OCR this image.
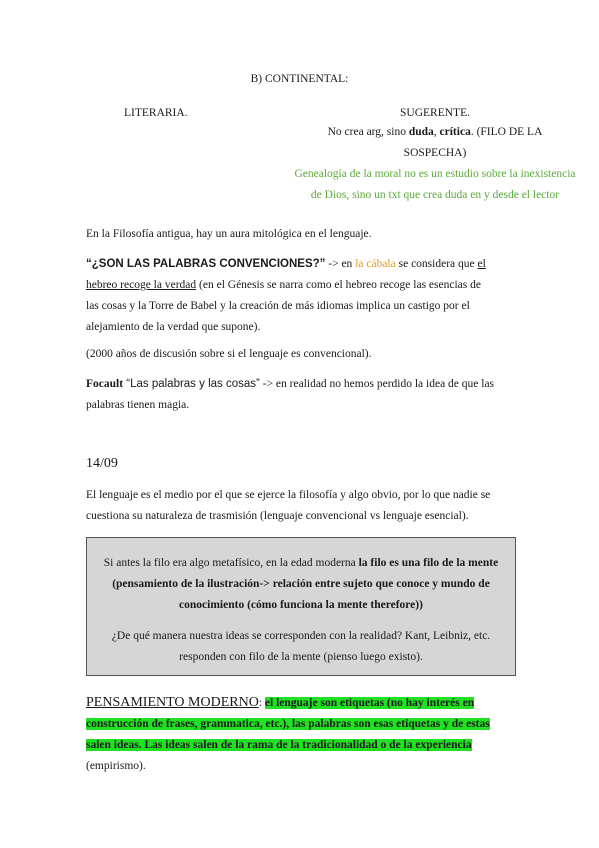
B) CONTINENTAL:
LITERARIA.	SUGERENTE.
No crea arg, sino duda, crítica. (FILO DE LA
SOSPECHA)
Genealogía de la moral no es un estudio sobre la inexistencia
de Dios, sino un txt que crea duda en y desde el lector

En la Filosofía antigua, hay un aura mitológica en el lenguaje.

“¿SON LAS PALABRAS CONVENCIONES?” -> en la cábala se considera que el
hebreo recoge la verdad (en el Génesis se narra como el hebreo recoge las esencias de
las cosas y la Torre de Babel y la creación de más idiomas implica un castigo por el
alejamiento de la verdad que supone).

(2000 años de discusión sobre si el lenguaje es convencional).

Focault “Las palabras y las cosas” -> en realidad no hemos perdido la idea de que las
palabras tienen magia.
14/09
El lenguaje es el medio por el que se ejerce la filosofía y algo obvio, por lo que nadie se
cuestiona su naturaleza de trasmisión (lenguaje convencional vs lenguaje esencial).
Si antes la filo era algo metafísico, en la edad moderna la filo es una filo de la mente
(pensamiento de la ilustración-> relación entre sujeto que conoce y mundo de
conocimiento (cómo funciona la mente therefore))
¿De qué manera nuestra ideas se corresponden con la realidad? Kant, Leibniz, etc.
responden con filo de la mente (pienso luego existo).
PENSAMIENTO MODERNO: el lenguaje son etiquetas (no hay interés en
construcción de frases, grammatica, etc.), las palabras son esas etiquetas y de estas
salen ideas. Las ideas salen de la rama de la tradicionalidad o de la experiencia
(empirismo).
